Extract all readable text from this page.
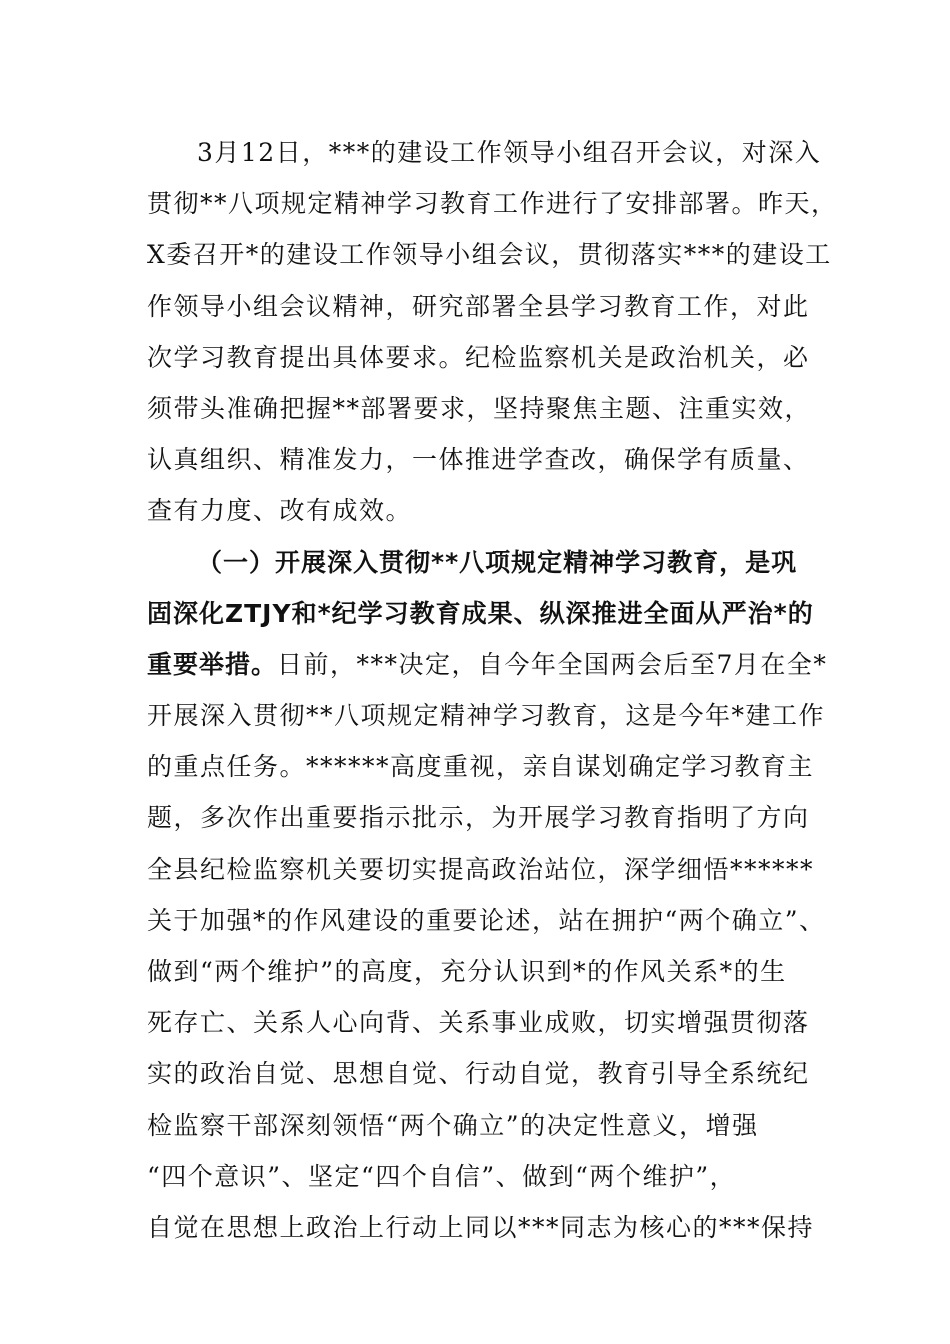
3月12日，***的建设工作领导小组召开会议，对深入
贯彻**八项规定精神学习教育工作进行了安排部署。昨天，
X委召开*的建设工作领导小组会议，贯彻落实***的建设工
作领导小组会议精神，研究部署全县学习教育工作，对此
次学习教育提出具体要求。纪检监察机关是政治机关，必
须带头准确把握**部署要求，坚持聚焦主题、注重实效，
认真组织、精准发力，一体推进学查改，确保学有质量、
查有力度、改有成效。
（一）开展深入贯彻**八项规定精神学习教育，是巩
固深化ZTJY和*纪学习教育成果、纵深推进全面从严治*的
重要举措。日前，***决定，自今年全国两会后至7月在全*
开展深入贯彻**八项规定精神学习教育，这是今年*建工作
的重点任务。******高度重视，亲自谋划确定学习教育主
题，多次作出重要指示批示，为开展学习教育指明了方向
全县纪检监察机关要切实提高政治站位，深学细悟******
关于加强*的作风建设的重要论述，站在拥护“两个确立”、
做到“两个维护”的高度，充分认识到*的作风关系*的生
死存亡、关系人心向背、关系事业成败，切实增强贯彻落
实的政治自觉、思想自觉、行动自觉，教育引导全系统纪
检监察干部深刻领悟“两个确立”的决定性意义，增强
“四个意识”、坚定“四个自信”、做到“两个维护”，
自觉在思想上政治上行动上同以***同志为核心的***保持
